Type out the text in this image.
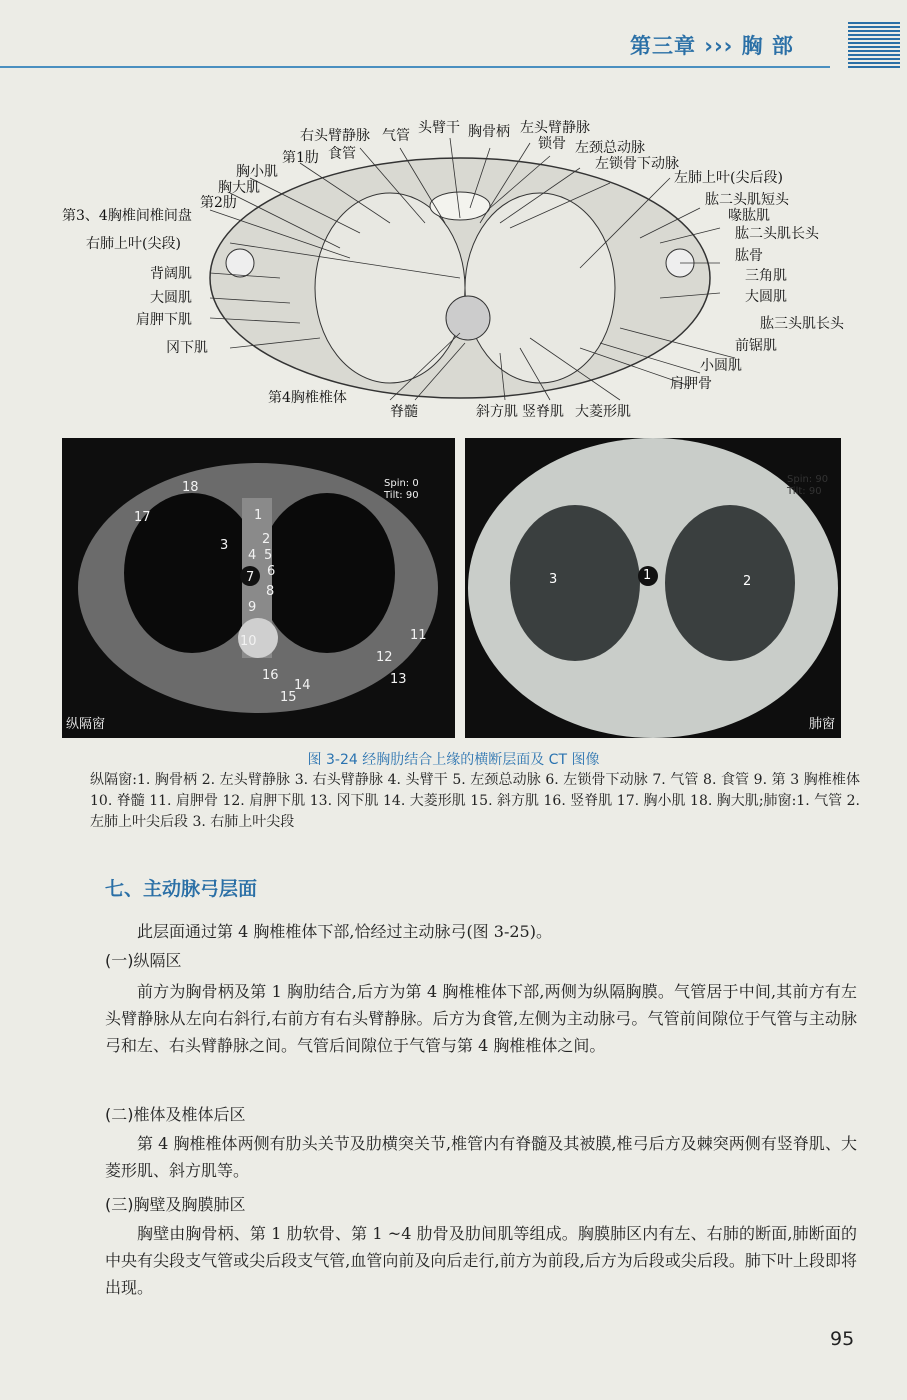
第三章 ››› 胸 部
右头臂静脉 气管 头臂干 胸骨柄 左头臂静脉
锁骨 左颈总动脉
左锁骨下动脉
第1肋 食管
胸小肌
胸大肌
第2肋
第3、4胸椎间椎间盘
右肺上叶(尖段)
背阔肌
大圆肌
肩胛下肌
冈下肌
第4胸椎椎体
脊髓	斜方肌 竖脊肌 大菱形肌
左肺上叶(尖后段)
肱二头肌短头
喙肱肌
肱二头肌长头
肱骨
三角肌
大圆肌
肱三头肌长头
前锯肌
小圆肌
肩胛骨
18
17	1
3	2
4 5
6
7
8
9
10	11
12
13
16
14
15
Spin: 0
Tilt: 90
纵隔窗
1	2
3
Spin: 90
Tilt: 90
肺窗
图 3-24 经胸肋结合上缘的横断层面及 CT 图像
纵隔窗:1. 胸骨柄 2. 左头臂静脉 3. 右头臂静脉 4. 头臂干 5. 左颈总动脉 6. 左锁骨下动脉 7. 气管 8. 食管 9. 第 3 胸椎椎体 10. 脊髓 11. 肩胛骨 12. 肩胛下肌 13. 冈下肌 14. 大菱形肌 15. 斜方肌 16. 竖脊肌 17. 胸小肌 18. 胸大肌;肺窗:1. 气管 2. 左肺上叶尖后段 3. 右肺上叶尖段
七、主动脉弓层面
此层面通过第 4 胸椎椎体下部,恰经过主动脉弓(图 3-25)。
(一)纵隔区
前方为胸骨柄及第 1 胸肋结合,后方为第 4 胸椎椎体下部,两侧为纵隔胸膜。气管居于中间,其前方有左头臂静脉从左向右斜行,右前方有右头臂静脉。后方为食管,左侧为主动脉弓。气管前间隙位于气管与主动脉弓和左、右头臂静脉之间。气管后间隙位于气管与第 4 胸椎椎体之间。
(二)椎体及椎体后区
第 4 胸椎椎体两侧有肋头关节及肋横突关节,椎管内有脊髓及其被膜,椎弓后方及棘突两侧有竖脊肌、大菱形肌、斜方肌等。
(三)胸壁及胸膜肺区
胸壁由胸骨柄、第 1 肋软骨、第 1 ~4 肋骨及肋间肌等组成。胸膜肺区内有左、右肺的断面,肺断面的中央有尖段支气管或尖后段支气管,血管向前及向后走行,前方为前段,后方为后段或尖后段。肺下叶上段即将出现。
95
